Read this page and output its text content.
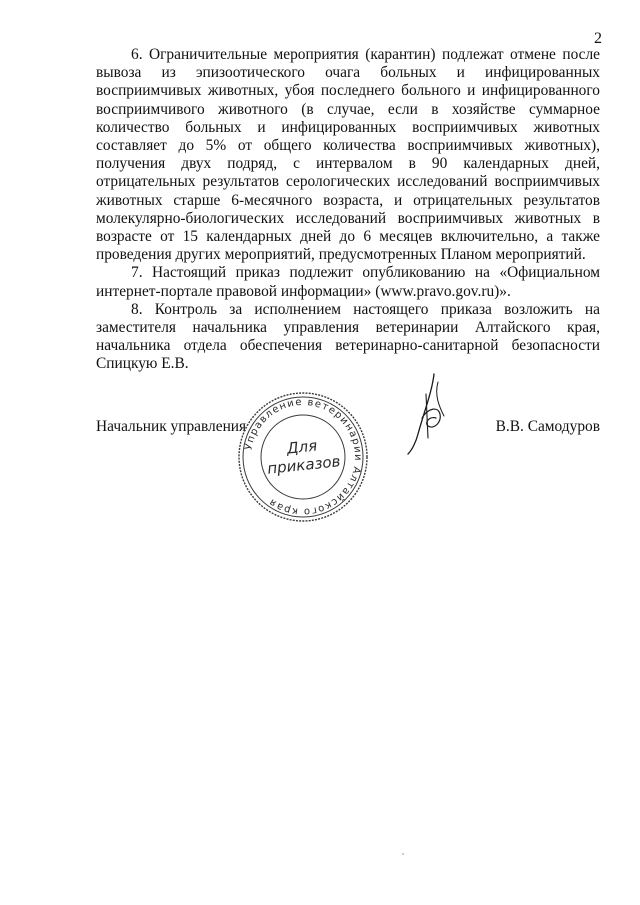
2

6. Ограничительные мероприятия (карантин) подлежат отмене после вывоза из эпизоотического очага больных и инфицированных восприимчивых животных, убоя последнего больного и инфицированного восприимчивого животного (в случае, если в хозяйстве суммарное количество больных и инфицированных восприимчивых животных составляет до 5% от общего количества восприимчивых животных), получения двух подряд, с интервалом в 90 календарных дней, отрицательных результатов серологических исследований восприимчивых животных старше 6-месячного возраста, и отрицательных результатов молекулярно-биологических исследований восприимчивых животных в возрасте от 15 календарных дней до 6 месяцев включительно, а также проведения других мероприятий, предусмотренных Планом мероприятий.

7. Настоящий приказ подлежит опубликованию на «Официальном интернет-портале правовой информации» (www.pravo.gov.ru)».

8. Контроль за исполнением настоящего приказа возложить на заместителя начальника управления ветеринарии Алтайского края, начальника отдела обеспечения ветеринарно-санитарной безопасности Спицкую Е.В.

Начальник управления
Управление ветеринарии Алтайского края
Для
приказов
В.В. Самодуров
